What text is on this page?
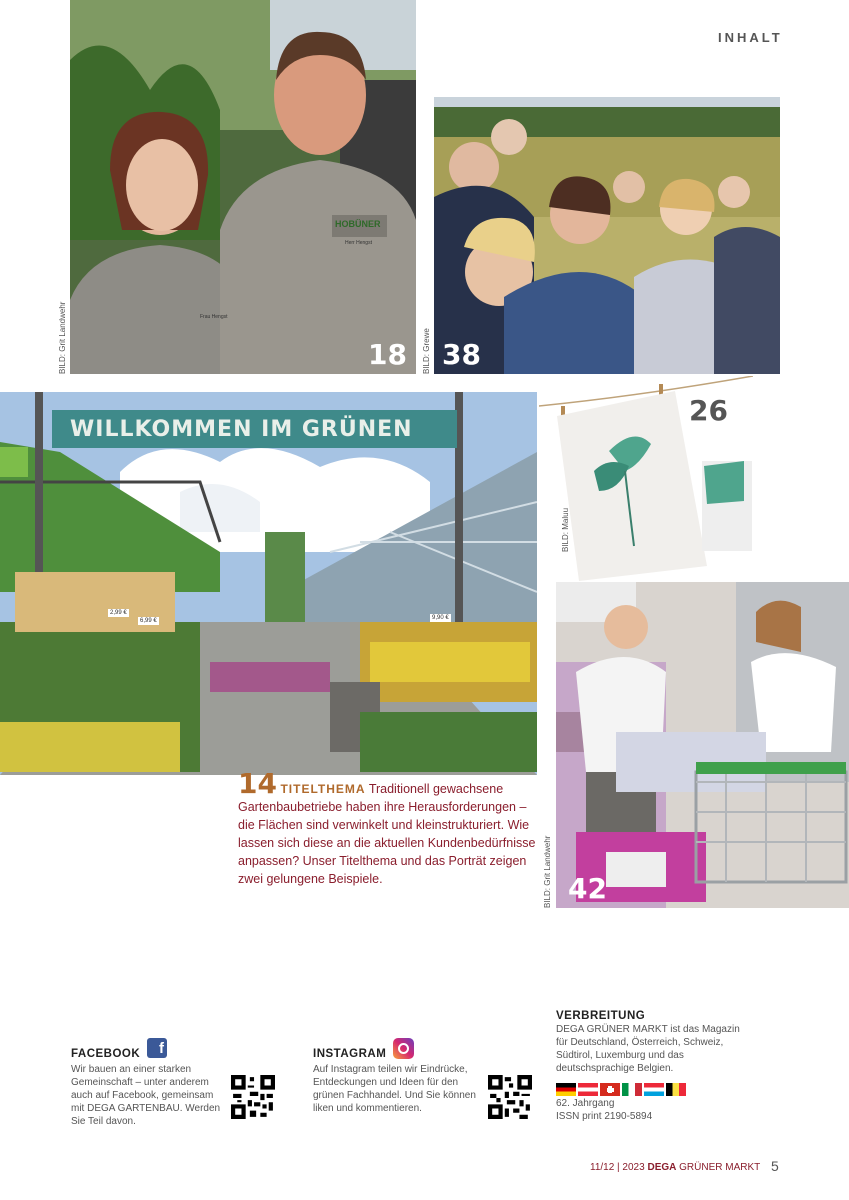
INHALT
HOBÜNER
Herr Hengst
Frau Hengst
18
BILD: Grit Landwehr	38
BILD: Grewe
WILLKOMMEN IM GRÜNEN
2,99 €
6,99 €	9,90 €
26
BILD: Maluu
42
BILD: Grit Landwehr
14 TITELTHEMA Traditionell gewachsene Gartenbaubetriebe haben ihre Herausforderungen – die Flächen sind verwinkelt und kleinstrukturiert. Wie lassen sich diese an die aktuellen Kundenbedürfnisse anpassen? Unser Titelthema und das Porträt zeigen zwei gelungene Beispiele.
FACEBOOK	f
Wir bauen an einer starken Gemeinschaft – unter anderem auch auf Facebook, gemeinsam mit DEGA GARTENBAU. Werden Sie Teil davon.
INSTAGRAM
Auf Instagram teilen wir Eindrücke, Entdeckungen und Ideen für den grünen Fachhandel. Und Sie können liken und kommentieren.
VERBREITUNG
DEGA GRÜNER MARKT ist das Magazin für Deutschland, Österreich, Schweiz, Südtirol, Luxemburg und das deutschsprachige Belgien.
62. Jahrgang
ISSN print 2190-5894
11/12 | 2023 DEGA GRÜNER MARKT 5
